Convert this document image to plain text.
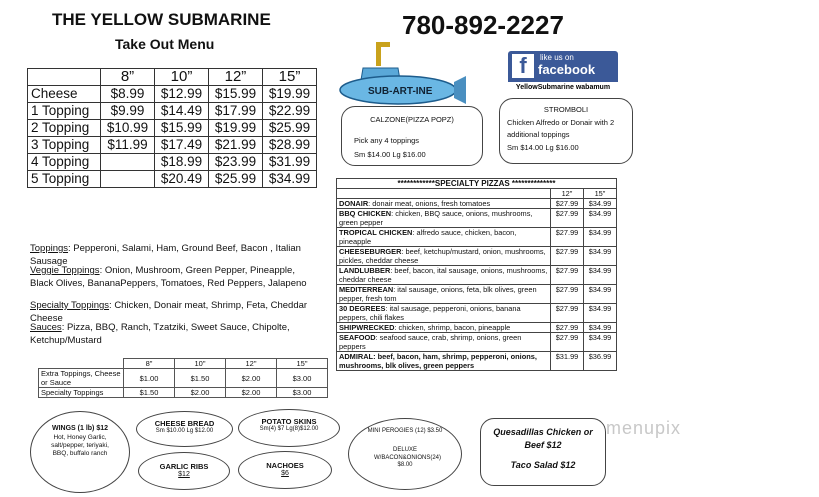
THE YELLOW SUBMARINE
Take Out Menu
780-892-2227
SUB-ART-INE
f	like us on
facebook
YellowSubmarine wabamum
	8”	10”	12”	15”
Cheese	$8.99	$12.99	$15.99	$19.99
1 Topping	$9.99	$14.49	$17.99	$22.99
2 Topping	$10.99	$15.99	$19.99	$25.99
3 Topping	$11.99	$17.49	$21.99	$28.99
4 Topping		$18.99	$23.99	$31.99
5 Topping		$20.49	$25.99	$34.99
Toppings: Pepperoni, Salami, Ham, Ground Beef, Bacon , Italian Sausage
Veggie Toppings: Onion, Mushroom, Green Pepper, Pineapple, Black Olives, BananaPeppers, Tomatoes, Red Peppers, Jalapeno
Specialty Toppings: Chicken, Donair meat, Shrimp, Feta, Cheddar Cheese
Sauces: Pizza, BBQ, Ranch, Tzatziki, Sweet Sauce, Chipolte, Ketchup/Mustard
	8"	10"	12"	15"
Extra Toppings, Cheese or Sauce	$1.00	$1.50	$2.00	$3.00
Specialty Toppings	$1.50	$2.00	$2.00	$3.00
CALZONE(PIZZA POPZ)
Pick any 4 toppings
Sm $14.00 Lg $16.00
STROMBOLI
Chicken Alfredo or Donair with 2 additional toppings
Sm $14.00 Lg $16.00
************SPECIALTY PIZZAS **************		
	12"	15"
DONAIR: donair meat, onions, fresh tomatoes	$27.99	$34.99
BBQ CHICKEN: chicken, BBQ sauce, onions, mushrooms, green pepper	$27.99	$34.99
TROPICAL CHICKEN: alfredo sauce, chicken, bacon, pineapple	$27.99	$34.99
CHEESEBURGER: beef, ketchup/mustard, onion, mushrooms, pickles, cheddar cheese	$27.99	$34.99
LANDLUBBER: beef, bacon, ital sausage, onions, mushrooms, cheddar cheese	$27.99	$34.99
MEDITERREAN: ital sausage, onions, feta, blk olives, green pepper, fresh tom	$27.99	$34.99
30 DEGREES: ital sausage, pepperoni, onions, banana peppers, chili flakes	$27.99	$34.99
SHIPWRECKED: chicken, shrimp, bacon, pineapple	$27.99	$34.99
SEAFOOD: seafood sauce, crab, shrimp, onions, green peppers	$27.99	$34.99
ADMIRAL: beef, bacon, ham, shrimp, pepperoni, onions, mushrooms, blk olives, green peppers	$31.99	$36.99
WINGS (1 lb) $12
Hot, Honey Garlic, salt/pepper, teriyaki, BBQ, buffalo ranch
CHEESE BREAD
Sm $10.00 Lg $12.00
GARLIC RIBS
$12
POTATO SKINS
Sm(4) $7 Lg(8)$12.00
NACHOES
$6
MINI PEROGIES (12) $3.50
DELUXE W/BACON&ONIONS(24)
$8.00
Quesadillas Chicken or
Beef $12
Taco Salad $12
menupix
